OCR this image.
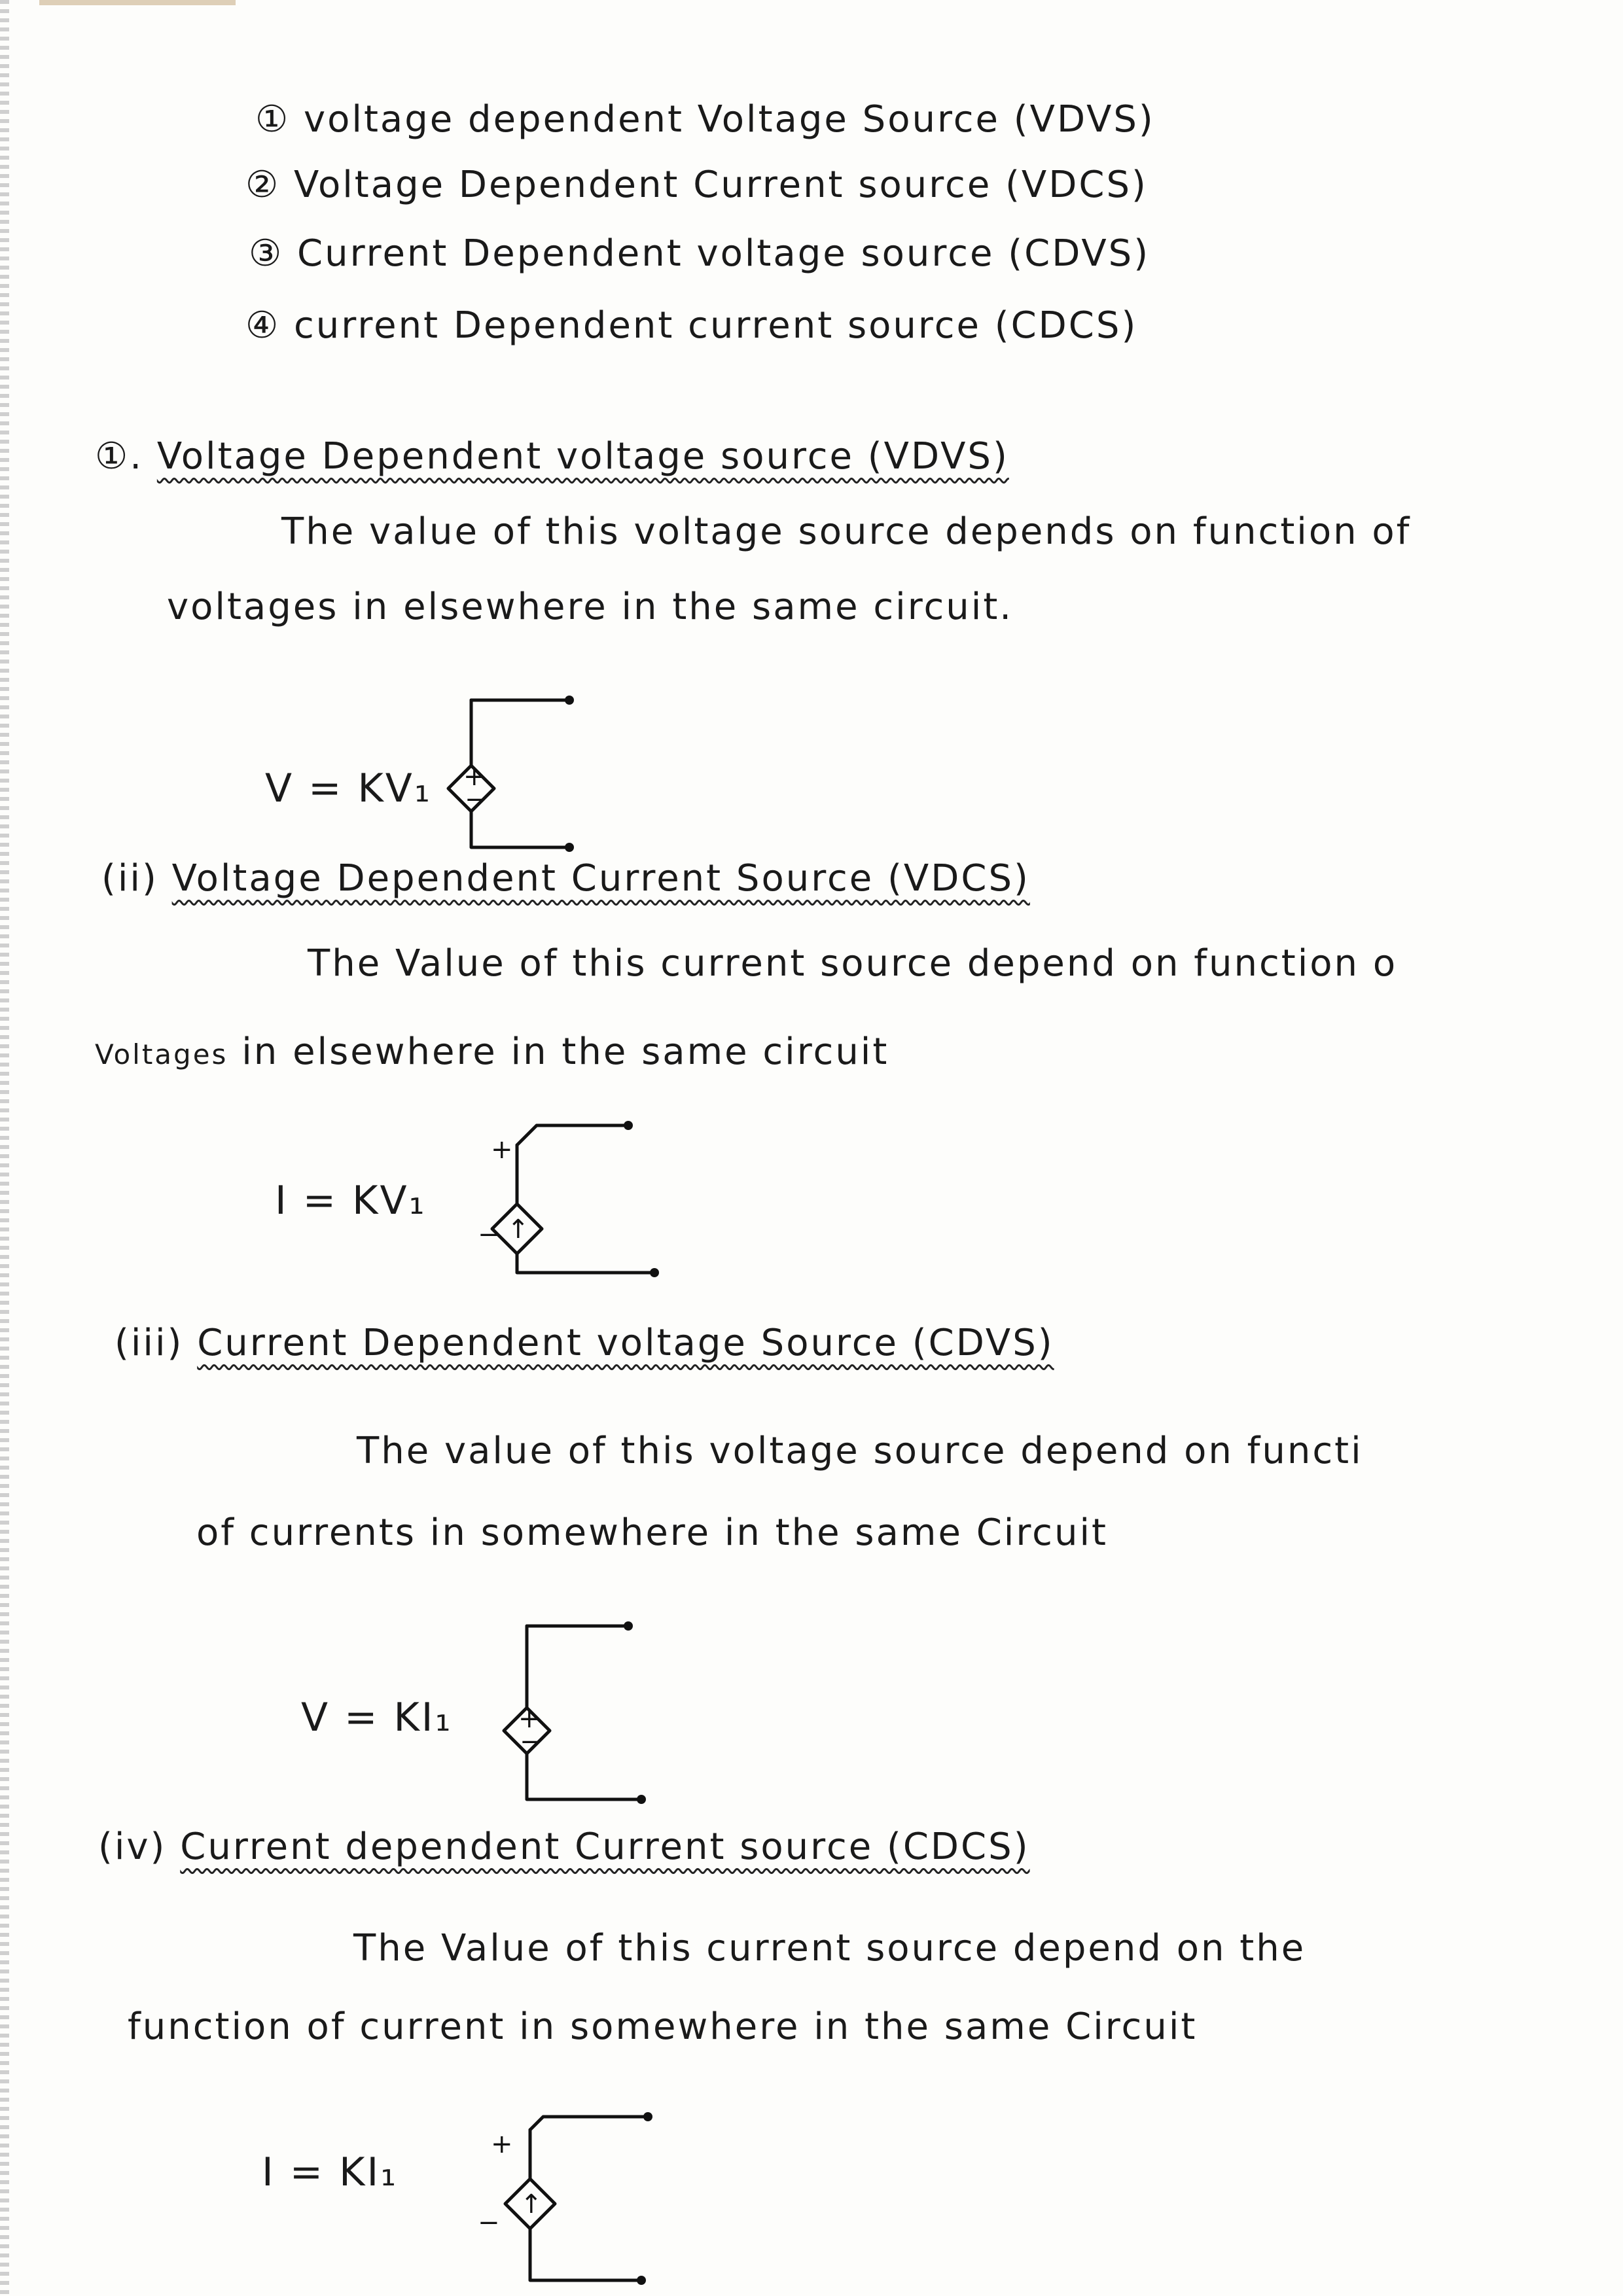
① voltage dependent Voltage Source (VDVS)
② Voltage Dependent Current source (VDCS)
③ Current Dependent voltage source (CDVS)
④ current Dependent current source (CDCS)
①. Voltage Dependent voltage source (VDVS)
The value of this voltage source depends on function of
voltages in elsewhere in the same circuit.
V = KV₁ +
−
(ii) Voltage Dependent Current Source (VDCS)
The Value of this current source depend on function o
Voltages in elsewhere in the same circuit
I = KV₁
+
↑
−
(iii) Current Dependent voltage Source (CDVS)
The value of this voltage source depend on functi
of currents in somewhere in the same Circuit
V = KI₁	+
−
(iv) Current dependent Current source (CDCS)
The Value of this current source depend on the
function of current in somewhere in the same Circuit
I = KI₁
+
↑
−
